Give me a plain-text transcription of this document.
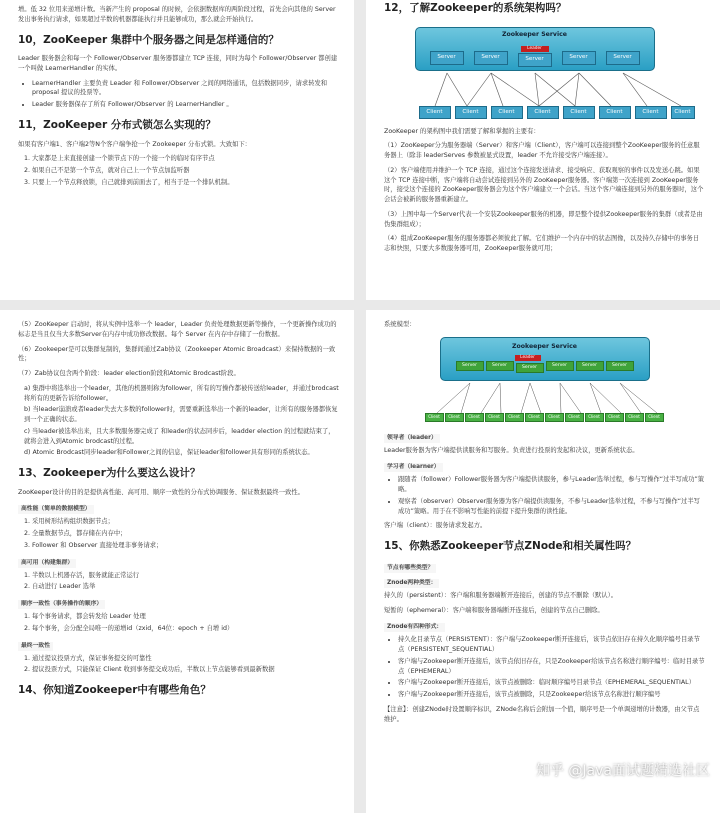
增。低 32 位用来递增计数。当新产生的 proposal 的时候，会依据数据库的两阶段过程，首先会向其他的 Server 发出事务执行请求，如果超过半数的机器都能执行并且能够成功，那么就会开始执行。

10，ZooKeeper 集群中个服务器之间是怎样通信的？

Leader 服务器会和每一个 Follower/Observer 服务器都建立 TCP 连接，同时为每个 Follower/Observer 都创建一个叫做 LearnerHandler 的实体。

• LearnerHandler 主要负责 Leader 和 Follower/Observer 之间的网络通讯，包括数据同步，请求转发和 proposal 提议的投票等。
• Leader 服务器保存了所有 Follower/Observer 的 LearnerHandler 。
11，ZooKeeper 分布式锁怎么实现的？

如果有客户端1、客户端2等N个客户端争抢一个 Zookeeper 分布式锁。大致如下：

1. 大家都是上来直接创建一个锁节点下的一个接一个的临时有序节点
2. 如果自己不是第一个节点，就对自己上一个节点加监听器
3. 只要上一个节点释放锁，自己就排到前面去了，相当于是一个排队机制。
12，了解Zookeeper的系统架构吗？
Zookeeper Service
Leader
Server	Server	Server	Server	Server
Client	Client	Client	Client	Client	Client	Client	Client

ZooKeeper 的架构图中我们需要了解和掌握的主要有：

（1）ZooKeeper分为服务器端（Server）和客户端（Client），客户端可以连接到整个ZooKeeper服务的任意服务器上（除非 leaderServes 参数被显式设置，leader 不允许接受客户端连接）。

（2）客户端使用并维护一个 TCP 连接，通过这个连接发送请求、接受响应、获取观察的事件以及发送心跳。如果这个 TCP 连接中断，客户端将自动尝试连接到另外的 ZooKeeper服务器。客户端第一次连接到 ZooKeeper服务时，接受这个连接的 ZooKeeper服务器会为这个客户端建立一个会话。当这个客户端连接到另外的服务器时，这个会话会被新的服务器重新建立。

（3）上图中每一个Server代表一个安装Zookeeper服务的机器，即是整个提供Zookeeper服务的集群（或者是由伪集群组成）；

（4）组成ZooKeeper服务的服务器都必须彼此了解。它们维护一个内存中的状态图像，以及持久存储中的事务日志和快照，只要大多数服务器可用，ZooKeeper服务就可用；

（5）ZooKeeper 启动时，将从实例中选举一个 leader，Leader 负责处理数据更新等操作，一个更新操作成功的标志是当且仅当大多数Server在内存中成功修改数据。每个 Server 在内存中存储了一份数据。

（6）Zookeeper是可以集群复制的，集群间通过Zab协议（Zookeeper Atomic Broadcast）来保持数据的一致性；

（7）Zab协议包含两个阶段：leader election阶段和Atomic Brodcast阶段。

a) 集群中将选举出一个leader，其他的机器则称为follower，所有的写操作都被传送给leader，并通过brodcast将所有的更新告诉给follower。
b) 当leader崩溃或者leader失去大多数的follower时，需要重新选举出一个新的leader，让所有的服务器都恢复到一个正确的状态。
c) 当leader被选举出来，且大多数服务器完成了 和leader的状态同步后，leadder election 的过程就结束了，就将会进入到Atomic brodcast的过程。
d) Atomic Brodcast同步leader和Follower之间的信息，保证leader和follower具有形同的系统状态。
13、Zookeeper为什么要这么设计？

ZooKeeper设计的目的是提供高性能、高可用、顺序一致性的分布式协调服务、保证数据最终一致性。

高性能（简单的数据模型）
1. 采用树形结构组织数据节点；
2. 全量数据节点，都存储在内存中；
3. Follower 和 Observer 直接处理非事务请求；
高可用（构建集群）
1. 半数以上机器存活，服务就能正常运行
2. 自动进行 Leader 选举
顺序一致性（事务操作的顺序）
1. 每个事务请求，都会转发给 Leader 处理
2. 每个事务，会分配全局唯一的递增id（zxid，64位：epoch + 自增 id）
最终一致性
1. 通过提议投票方式，保证事务提交的可靠性
2. 提议投票方式，只能保证 Client 收到事务提交成功后，半数以上节点能够看到最新数据
14、你知道Zookeeper中有哪些角色？

系统模型：

Zookeeper Service
Leader
Server	Server	Server	Server	Server	Server
Client	Client	Client	Client	Client	Client	Client	Client	Client	Client	Client	Client
领导者（leader）

Leader服务器为客户端提供读服务和写服务。负责进行投票的发起和决议，更新系统状态。

学习者（learner）
• 跟随者（follower）Follower服务器为客户端提供读服务，参与Leader选举过程，参与写操作“过半写成功”策略。
• 观察者（observer）Observer服务器为客户端提供读服务，不参与Leader选举过程，不参与写操作“过半写成功”策略。用于在不影响写性能的前提下提升集群的读性能。

客户端（client）：服务请求发起方。

15、你熟悉Zookeeper节点ZNode和相关属性吗？
节点有哪些类型？
Znode两种类型：

持久的（persistent）：客户端和服务器端断开连接后，创建的节点不删除（默认）。

短暂的（ephemeral）：客户端和服务器端断开连接后，创建的节点自己删除。

Znode有四种形式：
• 持久化目录节点（PERSISTENT）：客户端与Zookeeper断开连接后，该节点依旧存在持久化顺序编号目录节点（PERSISTENT_SEQUENTIAL）
• 客户端与Zookeeper断开连接后，该节点依旧存在，只是Zookeeper给该节点名称进行顺序编号：临时目录节点（EPHEMERAL）
• 客户端与Zookeeper断开连接后，该节点被删除：临时顺序编号目录节点（EPHEMERAL_SEQUENTIAL）
• 客户端与Zookeeper断开连接后，该节点被删除，只是Zookeeper给该节点名称进行顺序编号

【注意】：创建ZNode时设置顺序标识，ZNode名称后会附加一个值，顺序号是一个单调递增的计数器，由父节点维护。

知乎 @Java面试题精选社区
